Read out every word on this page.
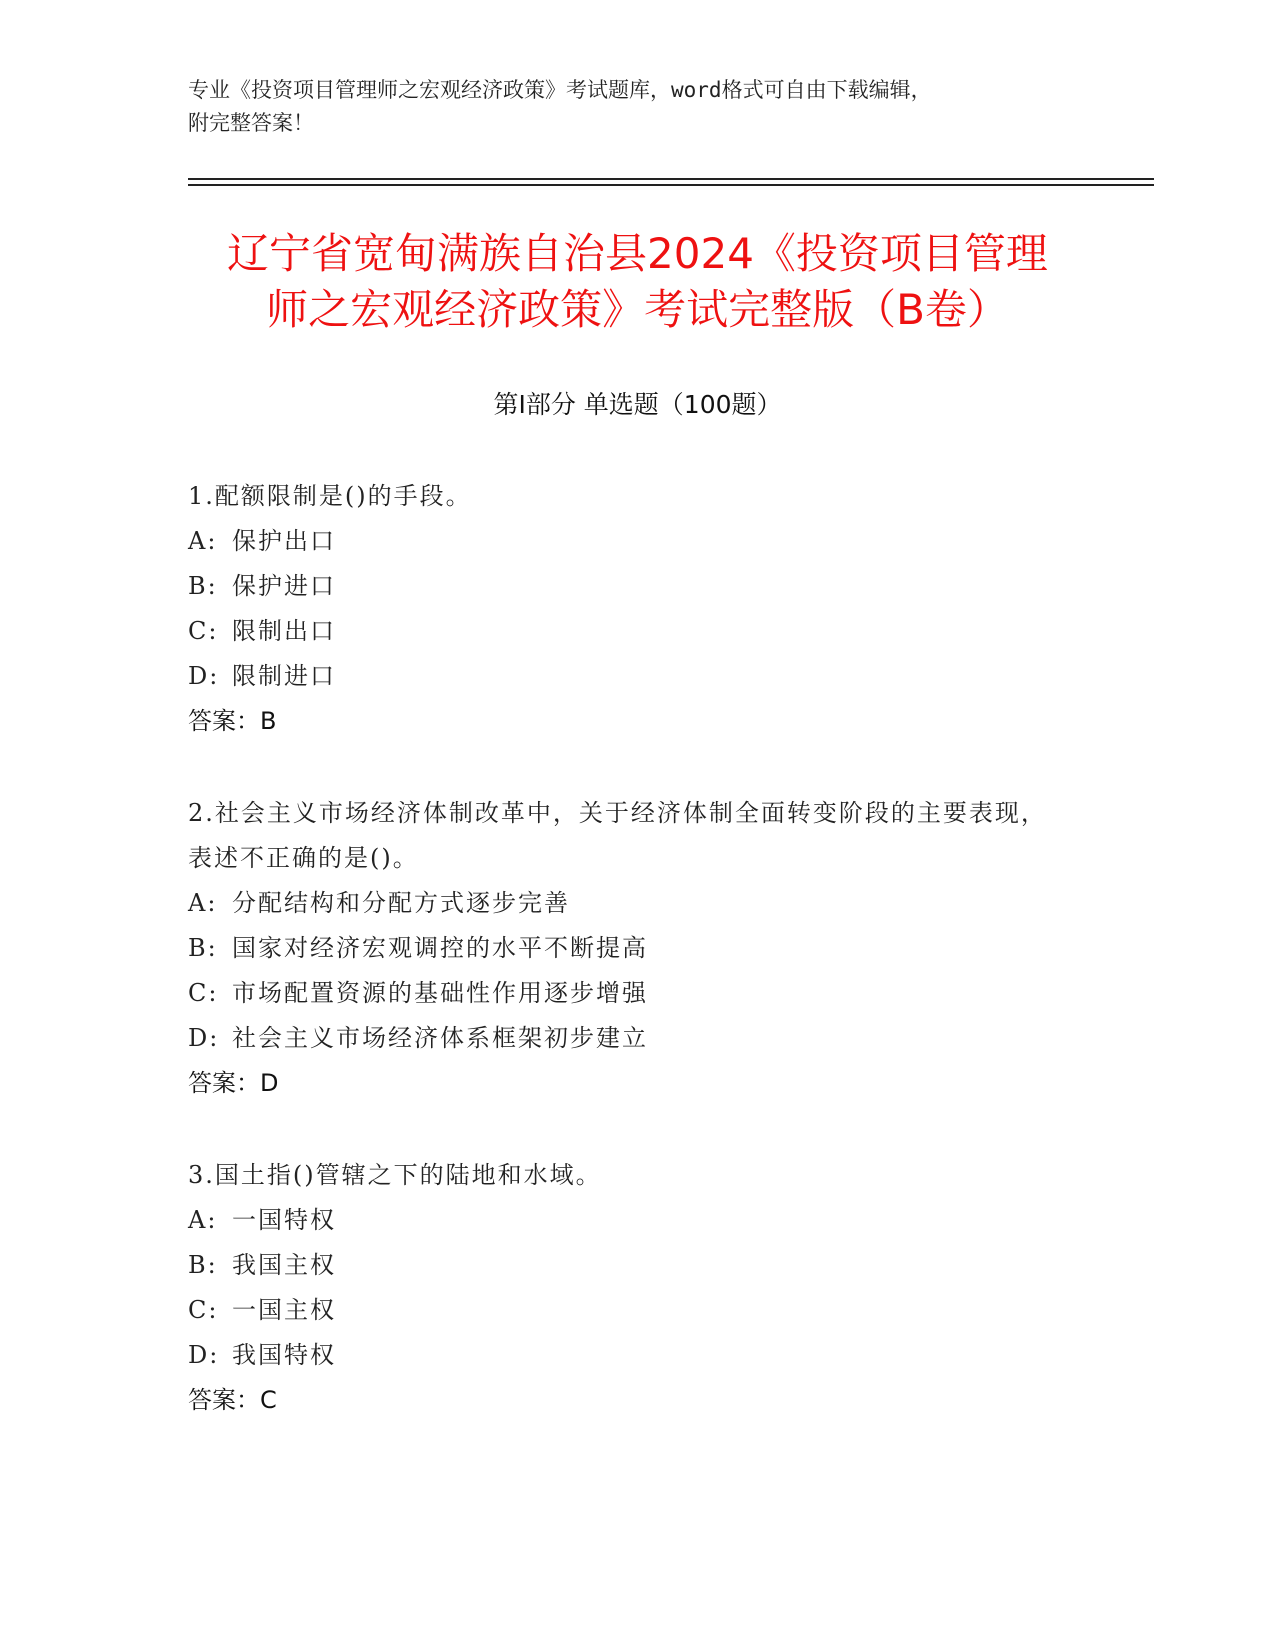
专业《投资项目管理师之宏观经济政策》考试题库，word格式可自由下载编辑，
附完整答案！
辽宁省宽甸满族自治县2024《投资项目管理
师之宏观经济政策》考试完整版（B卷）
第Ⅰ部分 单选题（100题）

1.配额限制是()的手段。

A: 保护出口

B: 保护进口

C: 限制出口

D: 限制进口

答案：B

2.社会主义市场经济体制改革中，关于经济体制全面转变阶段的主要表现，表述不正确的是()。

A: 分配结构和分配方式逐步完善

B: 国家对经济宏观调控的水平不断提高

C: 市场配置资源的基础性作用逐步增强

D: 社会主义市场经济体系框架初步建立

答案：D

3.国土指()管辖之下的陆地和水域。

A: 一国特权

B: 我国主权

C: 一国主权

D: 我国特权

答案：C
